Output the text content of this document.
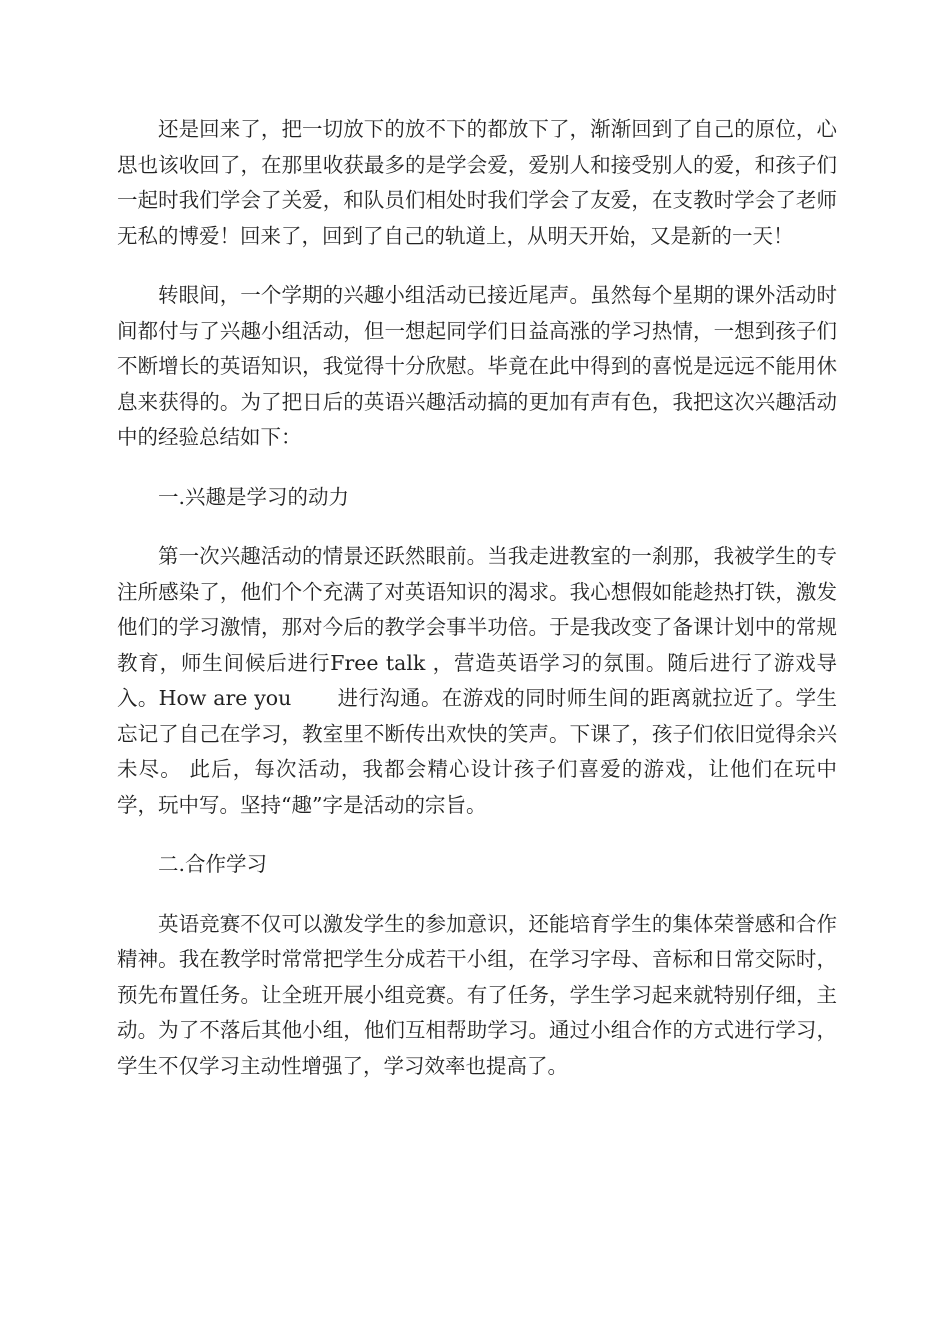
还是回来了，把一切放下的放不下的都放下了，渐渐回到了自己的原位，心思也该收回了，在那里收获最多的是学会爱，爱别人和接受别人的爱，和孩子们一起时我们学会了关爱，和队员们相处时我们学会了友爱，在支教时学会了老师无私的博爱！回来了，回到了自己的轨道上，从明天开始，又是新的一天！

转眼间，一个学期的兴趣小组活动已接近尾声。虽然每个星期的课外活动时间都付与了兴趣小组活动，但一想起同学们日益高涨的学习热情，一想到孩子们不断增长的英语知识，我觉得十分欣慰。毕竟在此中得到的喜悦是远远不能用休息来获得的。为了把日后的英语兴趣活动搞的更加有声有色，我把这次兴趣活动中的经验总结如下：

一.兴趣是学习的动力

第一次兴趣活动的情景还跃然眼前。当我走进教室的一刹那，我被学生的专注所感染了，他们个个充满了对英语知识的渴求。我心想假如能趁热打铁，激发他们的学习激情，那对今后的教学会事半功倍。于是我改变了备课计划中的常规教育，师生间候后进行Free talk ，营造英语学习的氛围。随后进行了游戏导入。How are you 进行沟通。在游戏的同时师生间的距离就拉近了。学生忘记了自己在学习，教室里不断传出欢快的笑声。下课了，孩子们依旧觉得余兴未尽。 此后，每次活动，我都会精心设计孩子们喜爱的游戏，让他们在玩中学，玩中写。坚持“趣”字是活动的宗旨。

二.合作学习

英语竞赛不仅可以激发学生的参加意识，还能培育学生的集体荣誉感和合作精神。我在教学时常常把学生分成若干小组，在学习字母、音标和日常交际时，预先布置任务。让全班开展小组竞赛。有了任务，学生学习起来就特别仔细，主动。为了不落后其他小组，他们互相帮助学习。通过小组合作的方式进行学习，学生不仅学习主动性增强了，学习效率也提高了。
